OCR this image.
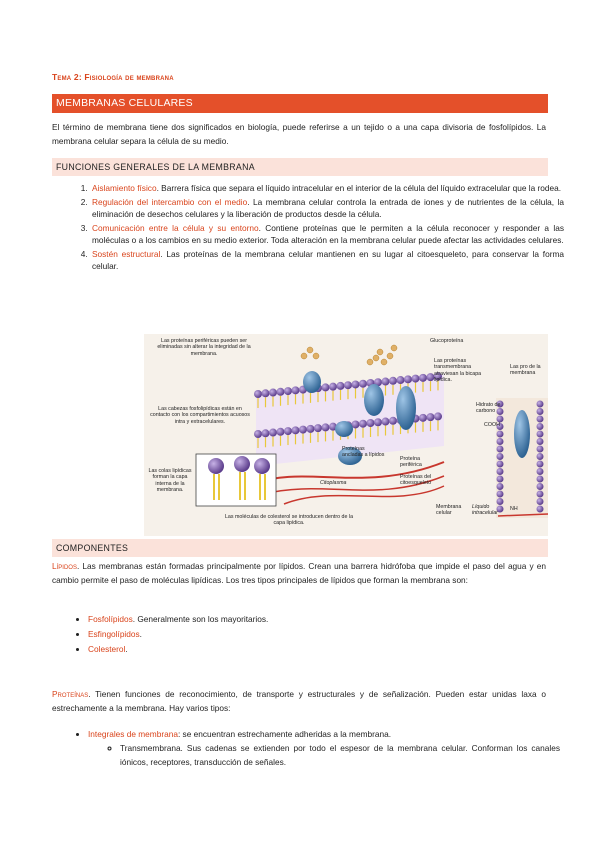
Tema 2: Fisiología de membrana
MEMBRANAS CELULARES
El término de membrana tiene dos significados en biología, puede referirse a un tejido o a una capa divisoria de fosfolípidos. La membrana celular separa la célula de su medio.
FUNCIONES GENERALES DE LA MEMBRANA
1. Aislamiento físico. Barrera física que separa el líquido intracelular en el interior de la célula del líquido extracelular que la rodea.
2. Regulación del intercambio con el medio. La membrana celular controla la entrada de iones y de nutrientes de la célula, la eliminación de desechos celulares y la liberación de productos desde la célula.
3. Comunicación entre la célula y su entorno. Contiene proteínas que le permiten a la célula reconocer y responder a las moléculas o a los cambios en su medio exterior. Toda alteración en la membrana celular puede afectar las actividades celulares.
4. Sostén estructural. Las proteínas de la membrana celular mantienen en su lugar al citoesqueleto, para conservar la forma celular.
Las proteínas periféricas pueden ser eliminadas sin alterar la integridad de la membrana.
Las cabezas fosfolipídicas están en contacto con los compartimientos acuosos intra y extracelulares.
Las colas lipídicas forman la capa interna de la membrana.
Las moléculas de colesterol se introducen dentro de la capa lipídica.
Glucoproteína
Las proteínas transmembrana atraviesan la bicapa lipídica.
Proteínas ancladas a lípidos
Proteína periférica
Proteínas del citoesqueleto
Citoplasma
Membrana celular
Líquido intracelular
Hidrato de carbono
COOH
NH
Las pro de la membrana
COMPONENTES
Lípidos. Las membranas están formadas principalmente por lípidos. Crean una barrera hidrófoba que impide el paso del agua y en cambio permite el paso de moléculas lipídicas. Los tres tipos principales de lípidos que forman la membrana son:
• Fosfolípidos. Generalmente son los mayoritarios.
• Esfingolípidos.
• Colesterol.
Proteínas. Tienen funciones de reconocimiento, de transporte y estructurales y de señalización. Pueden estar unidas laxa o estrechamente a la membrana. Hay varios tipos:
• Integrales de membrana: se encuentran estrechamente adheridas a la membrana.
◦ Transmembrana. Sus cadenas se extienden por todo el espesor de la membrana celular. Conforman los canales iónicos, receptores, transducción de señales.
